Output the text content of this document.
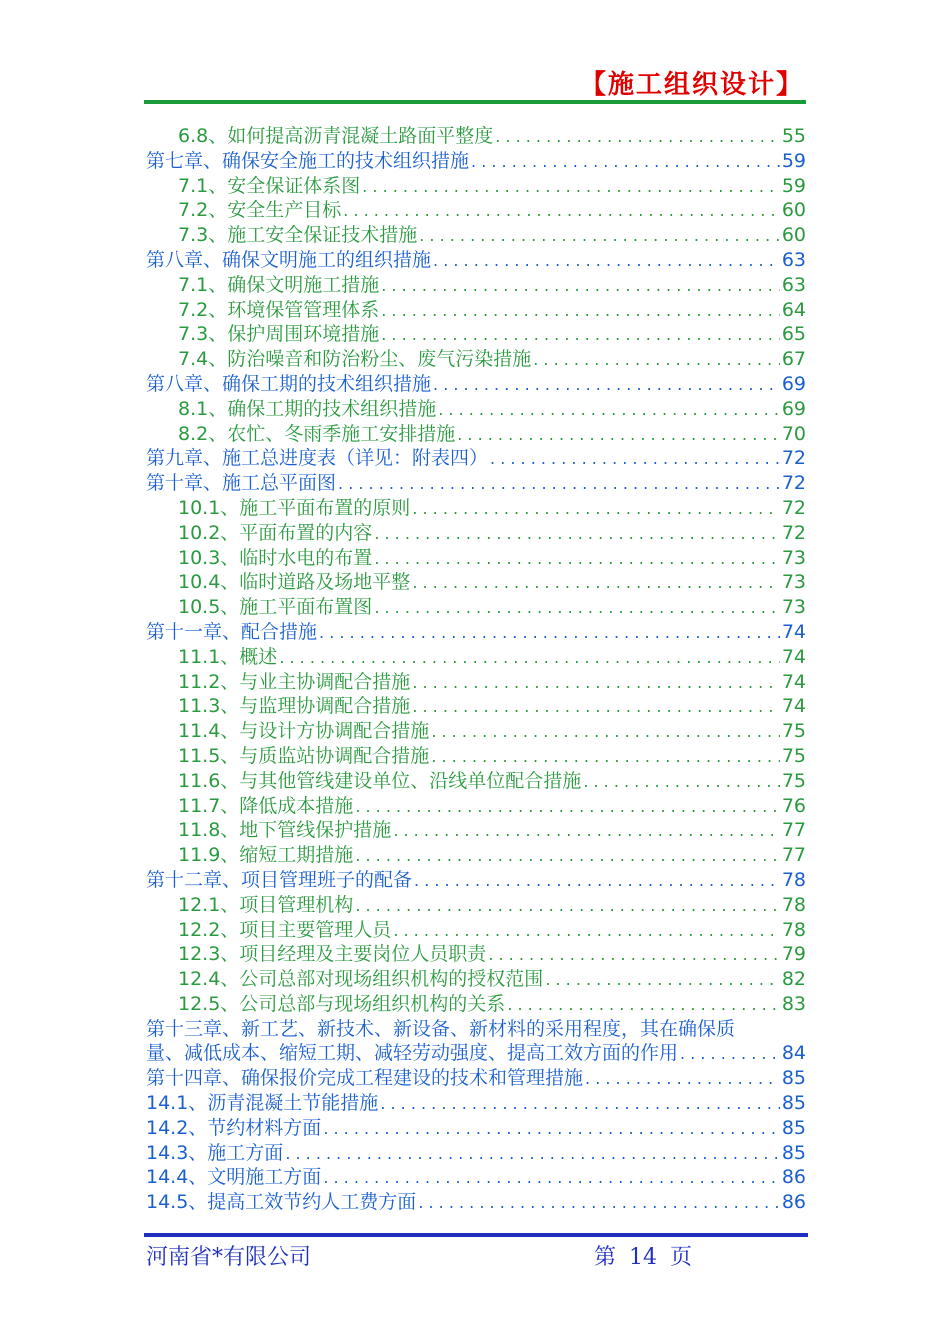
【施工组织设计】
6.8、如何提高沥青混凝土路面平整度 . . .	55
第七章、确保安全施工的技术组织措施 . . .	59
7.1、安全保证体系图 . . .	59
7.2、安全生产目标 . . .	60
7.3、施工安全保证技术措施 . . .	60
第八章、确保文明施工的组织措施 . . .	63
7.1、确保文明施工措施 . . .	63
7.2、环境保管管理体系 . . .	64
7.3、保护周围环境措施 . . .	65
7.4、防治噪音和防治粉尘、废气污染措施 . . .	67
第八章、确保工期的技术组织措施 . . .	69
8.1、确保工期的技术组织措施 . . .	69
8.2、农忙、冬雨季施工安排措施 . . .	70
第九章、施工总进度表（详见：附表四） . . .	72
第十章、施工总平面图 . . .	72
10.1、施工平面布置的原则 . . .	72
10.2、平面布置的内容 . . .	72
10.3、临时水电的布置 . . .	73
10.4、临时道路及场地平整 . . .	73
10.5、施工平面布置图 . . .	73
第十一章、配合措施 . . .	74
11.1、概述 . . .	74
11.2、与业主协调配合措施 . . .	74
11.3、与监理协调配合措施 . . .	74
11.4、与设计方协调配合措施 . . .	75
11.5、与质监站协调配合措施 . . .	75
11.6、与其他管线建设单位、沿线单位配合措施 . . .	75
11.7、降低成本措施 . . .	76
11.8、地下管线保护措施 . . .	77
11.9、缩短工期措施 . . .	77
第十二章、项目管理班子的配备 . . .	78
12.1、项目管理机构 . . .	78
12.2、项目主要管理人员 . . .	78
12.3、项目经理及主要岗位人员职责 . . .	79
12.4、公司总部对现场组织机构的授权范围 . . .	82
12.5、公司总部与现场组织机构的关系 . . .	83
第十三章、新工艺、新技术、新设备、新材料的采用程度，其在确保质
量、减低成本、缩短工期、减轻劳动强度、提高工效方面的作用 . . .	84
第十四章、确保报价完成工程建设的技术和管理措施 . . .	85
14.1、沥青混凝土节能措施 . . .	85
14.2、节约材料方面 . . .	85
14.3、施工方面 . . .	85
14.4、文明施工方面 . . .	86
14.5、提高工效节约人工费方面 . . .	86
河南省*有限公司	第 14 页
